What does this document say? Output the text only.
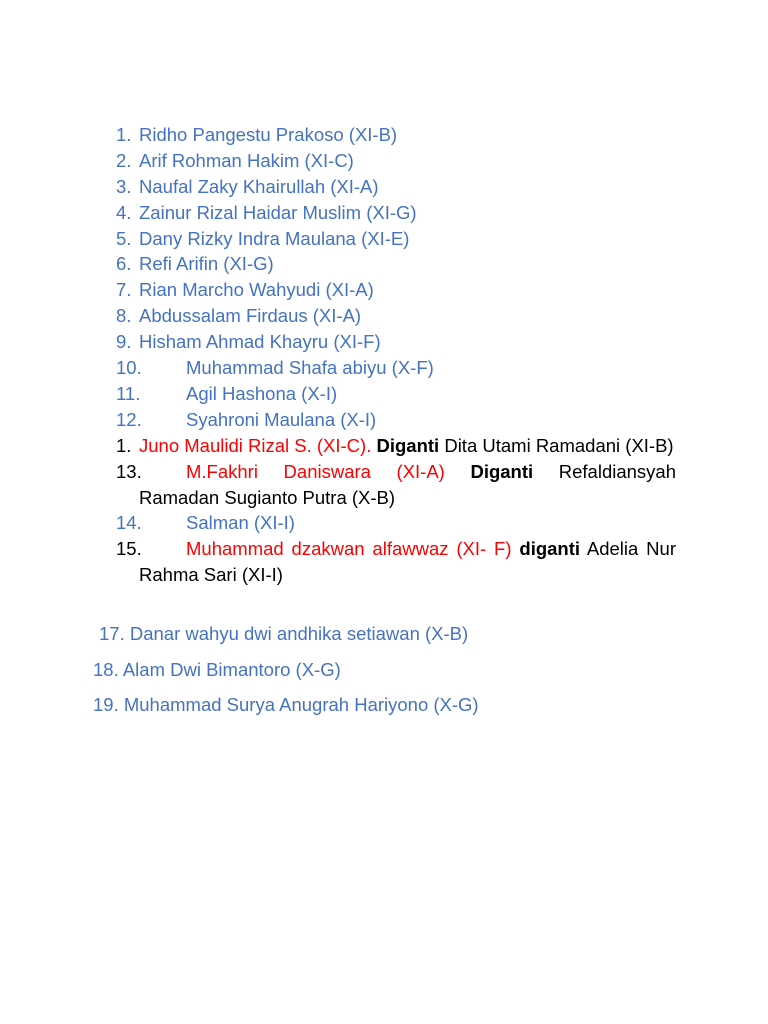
1. Ridho Pangestu Prakoso (XI-B)
2. Arif Rohman Hakim (XI-C)
3. Naufal Zaky Khairullah (XI-A)
4. Zainur Rizal Haidar Muslim (XI-G)
5. Dany Rizky Indra Maulana (XI-E)
6. Refi Arifin (XI-G)
7. Rian Marcho Wahyudi (XI-A)
8. Abdussalam Firdaus (XI-A)
9. Hisham Ahmad Khayru (XI-F)
10.	Muhammad Shafa abiyu (X-F)
11.	Agil Hashona (X-I)
12.	Syahroni Maulana (X-I)
1. Juno Maulidi Rizal S. (XI-C). Diganti Dita Utami Ramadani (XI-B)
13. M.Fakhri Daniswara (XI-A) Diganti Refaldiansyah Ramadan Sugianto Putra (X-B)
14.	Salman (XI-I)
15. Muhammad dzakwan alfawwaz (XI- F) diganti Adelia Nur Rahma Sari (XI-I)
17. Danar wahyu dwi andhika setiawan (X-B)
18. Alam Dwi Bimantoro (X-G)
19. Muhammad Surya Anugrah Hariyono (X-G)
